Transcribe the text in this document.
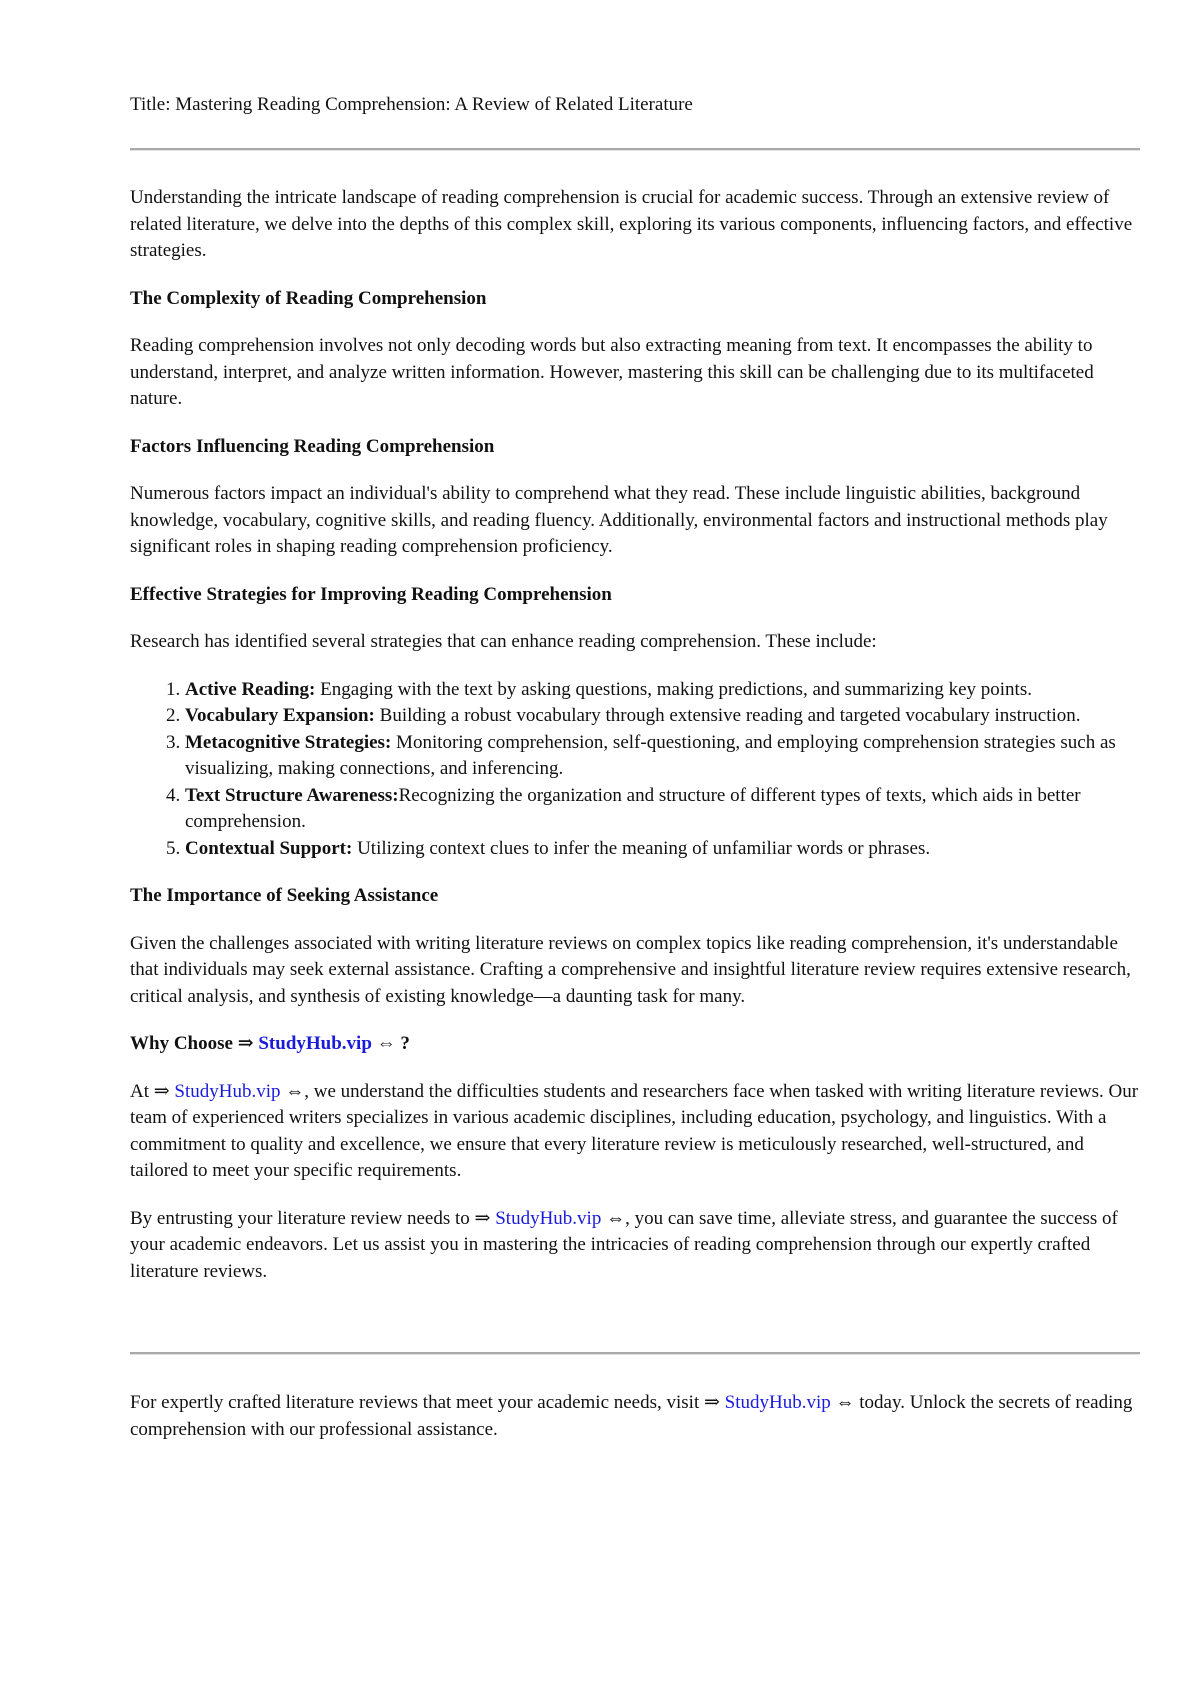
Title: Mastering Reading Comprehension: A Review of Related Literature

Understanding the intricate landscape of reading comprehension is crucial for academic success. Through an extensive review of related literature, we delve into the depths of this complex skill, exploring its various components, influencing factors, and effective strategies.

The Complexity of Reading Comprehension

Reading comprehension involves not only decoding words but also extracting meaning from text. It encompasses the ability to understand, interpret, and analyze written information. However, mastering this skill can be challenging due to its multifaceted nature.

Factors Influencing Reading Comprehension

Numerous factors impact an individual's ability to comprehend what they read. These include linguistic abilities, background knowledge, vocabulary, cognitive skills, and reading fluency. Additionally, environmental factors and instructional methods play significant roles in shaping reading comprehension proficiency.

Effective Strategies for Improving Reading Comprehension

Research has identified several strategies that can enhance reading comprehension. These include:

1. Active Reading: Engaging with the text by asking questions, making predictions, and summarizing key points.
2. Vocabulary Expansion: Building a robust vocabulary through extensive reading and targeted vocabulary instruction.
3. Metacognitive Strategies: Monitoring comprehension, self-questioning, and employing comprehension strategies such as visualizing, making connections, and inferencing.
4. Text Structure Awareness:Recognizing the organization and structure of different types of texts, which aids in better comprehension.
5. Contextual Support: Utilizing context clues to infer the meaning of unfamiliar words or phrases.
The Importance of Seeking Assistance

Given the challenges associated with writing literature reviews on complex topics like reading comprehension, it's understandable that individuals may seek external assistance. Crafting a comprehensive and insightful literature review requires extensive research, critical analysis, and synthesis of existing knowledge—a daunting task for many.

Why Choose ⇒ StudyHub.vip ⇔ ?

At ⇒ StudyHub.vip ⇔, we understand the difficulties students and researchers face when tasked with writing literature reviews. Our team of experienced writers specializes in various academic disciplines, including education, psychology, and linguistics. With a commitment to quality and excellence, we ensure that every literature review is meticulously researched, well-structured, and tailored to meet your specific requirements.

By entrusting your literature review needs to ⇒ StudyHub.vip ⇔, you can save time, alleviate stress, and guarantee the success of your academic endeavors. Let us assist you in mastering the intricacies of reading comprehension through our expertly crafted literature reviews.

For expertly crafted literature reviews that meet your academic needs, visit ⇒ StudyHub.vip ⇔ today. Unlock the secrets of reading comprehension with our professional assistance.
